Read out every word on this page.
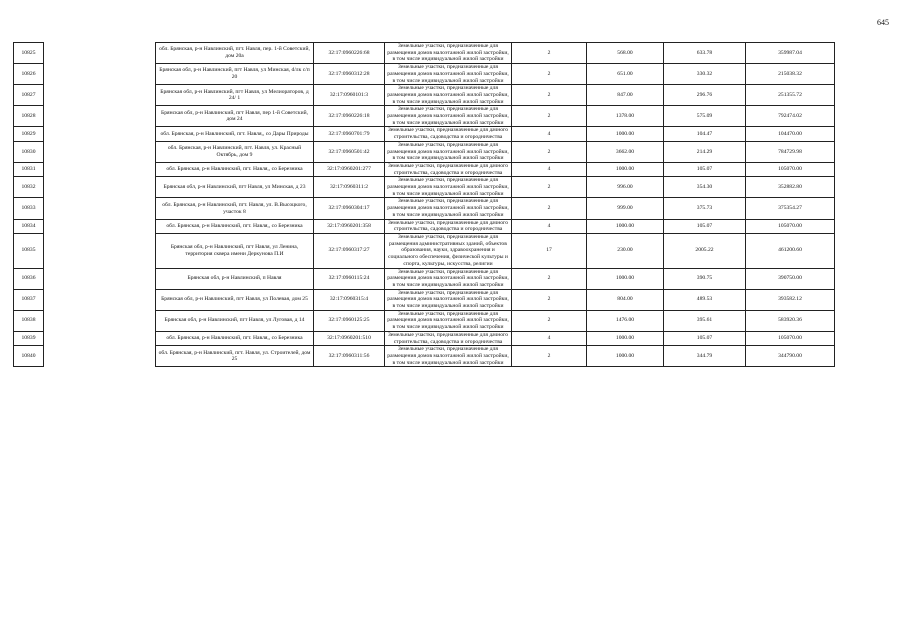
645
10825		обл. Брянская, р-н Навлинский, пгт. Навля, пер. 1-й Советский, дом 20а	32:17:0960226:68	Земельные участки, предназначенные для размещения домов малоэтажной жилой застройки, в том числе индивидуальной жилой застройки	2	568.00	633.78	359987.04
10826		Брянская обл, р-н Навлинский, пгт Навля, ул Минская, d/лк с/п 20	32:17:0960312:28	Земельные участки, предназначенные для размещения домов малоэтажной жилой застройки, в том числе индивидуальной жилой застройки	2	651.00	330.32	215038.32
10827		Брянская обл, р-н Навлинский, пгт Навля, ул Мелиораторов, д 24/ 1	32:17:0960101:3	Земельные участки, предназначенные для размещения домов малоэтажной жилой застройки, в том числе индивидуальной жилой застройки	2	847.00	296.76	251355.72
10828		Брянская обл, р-н Навлинский, пгт Навля, пер 1-й Советский, дом 24	32:17:0960226:18	Земельные участки, предназначенные для размещения домов малоэтажной жилой застройки, в том числе индивидуальной жилой застройки	2	1378.00	575.09	792474.02
10829		обл. Брянская, р-н Навлинский, пгт. Навля,, со Дары Природы	32:17:0960701:79	Земельные участки, предназначенные для дачного строительства, садоводства и огородничества	4	1000.00	104.47	104470.00
10830		обл. Брянская, р-н Навлинский, пгт. Навля, ул. Красный Октябрь, дом 9	32:17:0960501:42	Земельные участки, предназначенные для размещения домов малоэтажной жилой застройки, в том числе индивидуальной жилой застройки	2	3662.00	214.29	784729.98
10831		обл. Брянская, р-н Навлинский, пгт. Навля,, со Березника	32:17:0960201:277	Земельные участки, предназначенные для дачного строительства, садоводства и огородничества	4	1000.00	105.07	105070.00
10832		Брянская обл, р-н Навлинский, пгт Навля, ул Минская, д 23	32:17:0960311:2	Земельные участки, предназначенные для размещения домов малоэтажной жилой застройки, в том числе индивидуальной жилой застройки	2	996.00	354.30	352882.80
10833		обл. Брянская, р-н Навлинский, пгт. Навля, ул. В.Высоцкого, участок 8	32:17:0960304:17	Земельные участки, предназначенные для размещения домов малоэтажной жилой застройки, в том числе индивидуальной жилой застройки	2	999.00	375.73	375354.27
10834		обл. Брянская, р-н Навлинский, пгт. Навля,, со Березника	32:17:0960201:358	Земельные участки, предназначенные для дачного строительства, садоводства и огородничества	4	1000.00	105.07	105070.00
10835		Брянская обл, р-н Навлинский, пгт Навля, ул Ленина, территория сквера имени Деркунова П.И	32:17:0960317:27	Земельные участки, предназначенные для размещения административных зданий, объектов образования, науки, здравоохранения и социального обеспечения, физической культуры и спорта, культуры, искусства, религии	17	230.00	2005.22	461200.60
10836		Брянская обл, р-н Навлинский, п Навля	32:17:0960115:24	Земельные участки, предназначенные для размещения домов малоэтажной жилой застройки, в том числе индивидуальной жилой застройки	2	1000.00	390.75	390750.00
10837		Брянская обл, р-н Навлинский, пгт Навля, ул Полевая, дом 25	32:17:0960315:4	Земельные участки, предназначенные для размещения домов малоэтажной жилой застройки, в том числе индивидуальной жилой застройки	2	804.00	489.53	393582.12
10838		Брянская обл, р-н Навлинский, пгт Навля, ул Луговая, д 14	32:17:0960125:25	Земельные участки, предназначенные для размещения домов малоэтажной жилой застройки, в том числе индивидуальной жилой застройки	2	1476.00	395.61	583920.36
10839		обл. Брянская, р-н Навлинский, пгт. Навля,, со Березника	32:17:0960201:510	Земельные участки, предназначенные для дачного строительства, садоводства и огородничества	4	1000.00	105.07	105070.00
10840		обл. Брянская, р-н Навлинский, пгт. Навля, ул. Строителей, дом 25	32:17:0960311:56	Земельные участки, предназначенные для размещения домов малоэтажной жилой застройки, в том числе индивидуальной жилой застройки	2	1000.00	344.79	344790.00
